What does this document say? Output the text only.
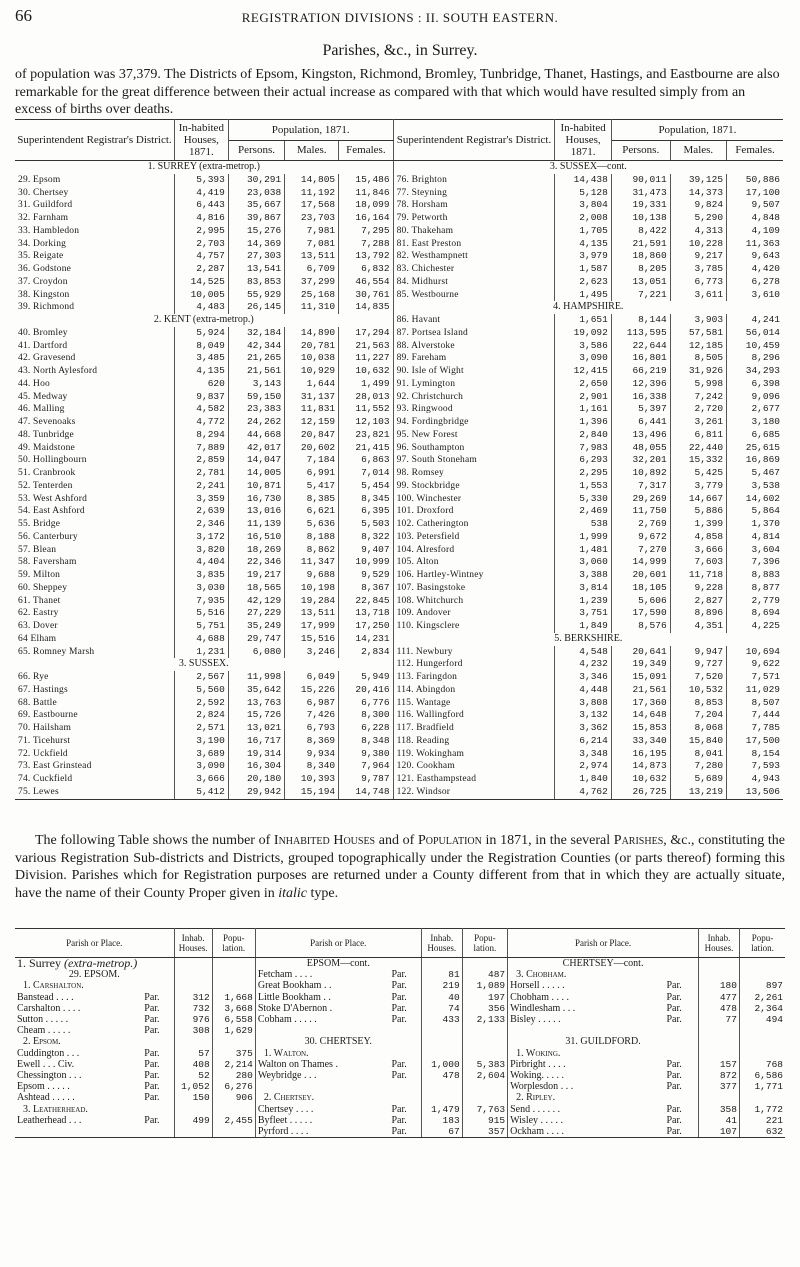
66	REGISTRATION DIVISIONS : II. SOUTH EASTERN.
Parishes, &c., in Surrey.

of population was 37,379. The Districts of Epsom, Kingston, Richmond, Bromley, Tunbridge, Thanet, Hastings, and Eastbourne are also remarkable for the great difference between their actual increase as compared with that which would have resulted simply from an excess of births over deaths.

Superintendent Registrar's District.	In-habited Houses, 1871.	Population, 1871.			Superintendent Registrar's District.	In-habited Houses, 1871.	Population, 1871.		
		Persons.	Males.	Females.			Persons.	Males.	Females.
1. SURREY (extra-metrop.)					3. SUSSEX—cont.				
29. Epsom	5,393	30,291	14,805	15,486	76. Brighton	14,438	90,011	39,125	50,886
30. Chertsey	4,419	23,038	11,192	11,846	77. Steyning	5,128	31,473	14,373	17,100
31. Guildford	6,443	35,667	17,568	18,099	78. Horsham	3,804	19,331	9,824	9,507
32. Farnham	4,816	39,867	23,703	16,164	79. Petworth	2,008	10,138	5,290	4,848
33. Hambledon	2,995	15,276	7,981	7,295	80. Thakeham	1,705	8,422	4,313	4,109
34. Dorking	2,703	14,369	7,081	7,288	81. East Preston	4,135	21,591	10,228	11,363
35. Reigate	4,757	27,303	13,511	13,792	82. Westhampnett	3,979	18,860	9,217	9,643
36. Godstone	2,287	13,541	6,709	6,832	83. Chichester	1,587	8,205	3,785	4,420
37. Croydon	14,525	83,853	37,299	46,554	84. Midhurst	2,623	13,051	6,773	6,278
38. Kingston	10,005	55,929	25,168	30,761	85. Westbourne	1,495	7,221	3,611	3,610
39. Richmond	4,483	26,145	11,310	14,835	4. HAMPSHIRE.				
2. KENT (extra-metrop.)					86. Havant	1,651	8,144	3,903	4,241
40. Bromley	5,924	32,184	14,890	17,294	87. Portsea Island	19,092	113,595	57,581	56,014
41. Dartford	8,049	42,344	20,781	21,563	88. Alverstoke	3,586	22,644	12,185	10,459
42. Gravesend	3,485	21,265	10,038	11,227	89. Fareham	3,090	16,801	8,505	8,296
43. North Aylesford	4,135	21,561	10,929	10,632	90. Isle of Wight	12,415	66,219	31,926	34,293
44. Hoo	620	3,143	1,644	1,499	91. Lymington	2,650	12,396	5,998	6,398
45. Medway	9,837	59,150	31,137	28,013	92. Christchurch	2,901	16,338	7,242	9,096
46. Malling	4,582	23,383	11,831	11,552	93. Ringwood	1,161	5,397	2,720	2,677
47. Sevenoaks	4,772	24,262	12,159	12,103	94. Fordingbridge	1,396	6,441	3,261	3,180
48. Tunbridge	8,294	44,668	20,847	23,821	95. New Forest	2,840	13,496	6,811	6,685
49. Maidstone	7,889	42,017	20,602	21,415	96. Southampton	7,983	48,055	22,440	25,615
50. Hollingbourn	2,859	14,047	7,184	6,863	97. South Stoneham	6,293	32,201	15,332	16,869
51. Cranbrook	2,781	14,005	6,991	7,014	98. Romsey	2,295	10,892	5,425	5,467
52. Tenterden	2,241	10,871	5,417	5,454	99. Stockbridge	1,553	7,317	3,779	3,538
53. West Ashford	3,359	16,730	8,385	8,345	100. Winchester	5,330	29,269	14,667	14,602
54. East Ashford	2,639	13,016	6,621	6,395	101. Droxford	2,469	11,750	5,886	5,864
55. Bridge	2,346	11,139	5,636	5,503	102. Catherington	538	2,769	1,399	1,370
56. Canterbury	3,172	16,510	8,188	8,322	103. Petersfield	1,999	9,672	4,858	4,814
57. Blean	3,820	18,269	8,862	9,407	104. Alresford	1,481	7,270	3,666	3,604
58. Faversham	4,404	22,346	11,347	10,999	105. Alton	3,060	14,999	7,603	7,396
59. Milton	3,835	19,217	9,688	9,529	106. Hartley-Wintney	3,388	20,601	11,718	8,883
60. Sheppey	3,030	18,565	10,198	8,367	107. Basingstoke	3,814	18,105	9,228	8,877
61. Thanet	7,935	42,129	19,284	22,845	108. Whitchurch	1,239	5,606	2,827	2,779
62. Eastry	5,516	27,229	13,511	13,718	109. Andover	3,751	17,590	8,896	8,694
63. Dover	5,751	35,249	17,999	17,250	110. Kingsclere	1,849	8,576	4,351	4,225
64 Elham	4,688	29,747	15,516	14,231	5. BERKSHIRE.				
65. Romney Marsh	1,231	6,080	3,246	2,834	111. Newbury	4,548	20,641	9,947	10,694
3. SUSSEX.					112. Hungerford	4,232	19,349	9,727	9,622
66. Rye	2,567	11,998	6,049	5,949	113. Faringdon	3,346	15,091	7,520	7,571
67. Hastings	5,560	35,642	15,226	20,416	114. Abingdon	4,448	21,561	10,532	11,029
68. Battle	2,592	13,763	6,987	6,776	115. Wantage	3,808	17,360	8,853	8,507
69. Eastbourne	2,824	15,726	7,426	8,300	116. Wallingford	3,132	14,648	7,204	7,444
70. Hailsham	2,571	13,021	6,793	6,228	117. Bradfield	3,362	15,853	8,068	7,785
71. Ticehurst	3,190	16,717	8,369	8,348	118. Reading	6,214	33,340	15,840	17,500
72. Uckfield	3,689	19,314	9,934	9,380	119. Wokingham	3,348	16,195	8,041	8,154
73. East Grinstead	3,090	16,304	8,340	7,964	120. Cookham	2,974	14,873	7,280	7,593
74. Cuckfield	3,666	20,180	10,393	9,787	121. Easthampstead	1,840	10,632	5,689	4,943
75. Lewes	5,412	29,942	15,194	14,748	122. Windsor	4,762	26,725	13,219	13,506

The following Table shows the number of Inhabited Houses and of Population in 1871, in the several Parishes, &c., constituting the various Registration Sub-districts and Districts, grouped topographically under the Registration Counties (or parts thereof) forming this Division. Parishes which for Registration purposes are returned under a County different from that in which they are actually situate, have the name of their County Proper given in italic type.

Parish or Place.		Inhab. Houses.	Popu-lation.	Parish or Place.		Inhab. Houses.	Popu-lation.	Parish or Place.		Inhab. Houses.	Popu-lation.
1. Surrey (extra-metrop.)				EPSOM—cont.				CHERTSEY—cont.			
29. EPSOM.				Fetcham . . . .	Par.	81	487	3. Chobham.			
1. Carshalton.				Great Bookham . .	Par.	219	1,089	Horsell . . . . .	Par.	180	897
Banstead . . . .	Par.	312	1,668	Little Bookham . .	Par.	40	197	Chobham . . . .	Par.	477	2,261
Carshalton . . . .	Par.	732	3,668	Stoke D'Abernon .	Par.	74	356	Windlesham . . .	Par.	478	2,364
Sutton . . . . .	Par.	976	6,558	Cobham . . . . .	Par.	433	2,133	Bisley . . . . .	Par.	77	494
Cheam . . . . .	Par.	308	1,629								
2. Epsom.				30. CHERTSEY.				31. GUILDFORD.			
Cuddington . . .	Par.	57	375	1. Walton.				1. Woking.			
Ewell . . . Civ.	Par.	408	2,214	Walton on Thames .	Par.	1,000	5,383	Pirbright . . . .	Par.	157	768
Chessington . . .	Par.	52	280	Weybridge . . .	Par.	478	2,604	Woking. . . . .	Par.	872	6,586
Epsom . . . . .	Par.	1,052	6,276					Worplesdon . . .	Par.	377	1,771
Ashtead . . . . .	Par.	150	906	2. Chertsey.				2. Ripley.			
3. Leatherhead.				Chertsey . . . .	Par.	1,479	7,763	Send . . . . . .	Par.	358	1,772
Leatherhead . . .	Par.	499	2,455	Byfleet . . . . .	Par.	183	915	Wisley . . . . .	Par.	41	221
				Pyrford . . . .	Par.	67	357	Ockham . . . .	Par.	107	632
